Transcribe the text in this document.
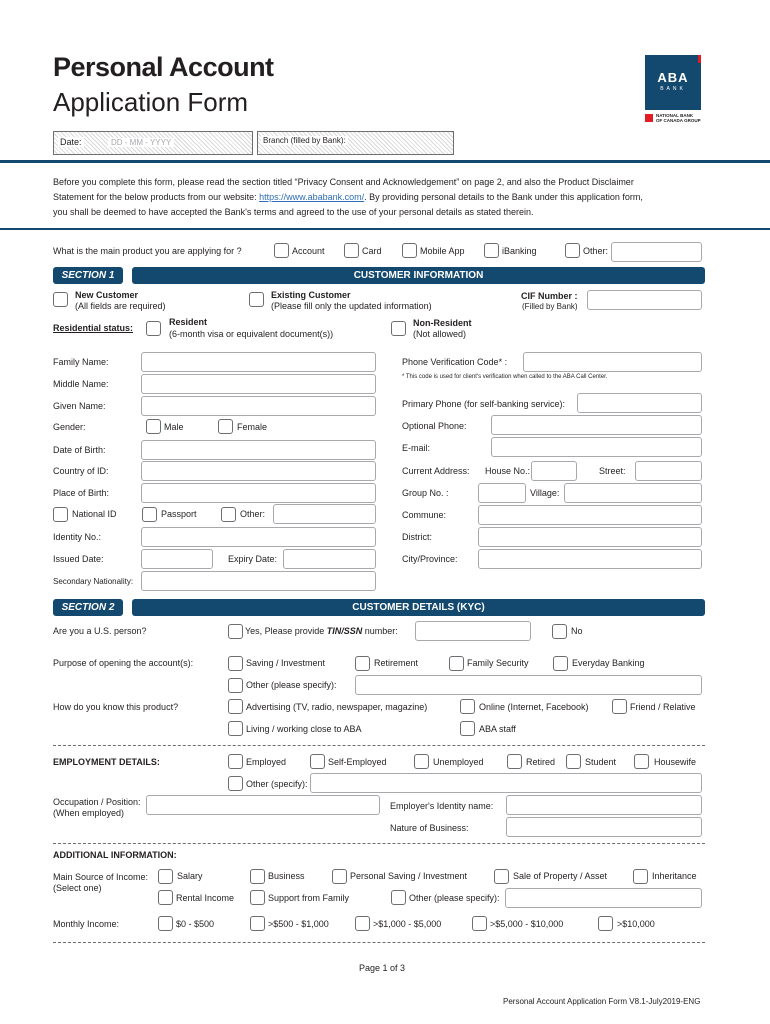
Personal Account
Application Form
ABA
BANK
NATIONAL BANK
OF CANADA GROUP
Date:	DD - MM - YYYY	Branch (filled by Bank):
Before you complete this form, please read the section titled “Privacy Consent and Acknowledgement” on page 2, and also the Product Disclaimer
Statement for the below products from our website: https://www.ababank.com/. By providing personal details to the Bank under this application form,
you shall be deemed to have accepted the Bank's terms and agreed to the use of your personal details as stated therein.
What is the main product you are applying for ?	Account	Card	Mobile App	iBanking	Other:
SECTION 1	CUSTOMER INFORMATION
New Customer
(All fields are required)
Existing Customer
(Please fill only the updated information)
CIF Number :
(Filled by Bank)
Residential status:
Resident
(6-month visa or equivalent document(s))
Non-Resident
(Not allowed)
Family Name:
Middle Name:
Given Name:
Gender:	Male	Female
Date of Birth:
Country of ID:
Place of Birth:
National ID	Passport	Other:
Identity No.:
Issued Date:	Expiry Date:
Secondary Nationality:
Phone Verification Code* :
* This code is used for client's verification when called to the ABA Call Center.
Primary Phone (for self-banking service):
Optional Phone:
E-mail:
Current Address: House No.:	Street:
Group No. :	Village:
Commune:
District:
City/Province:
SECTION 2	CUSTOMER DETAILS (KYC)
Are you a U.S. person?	Yes, Please provide TIN/SSN number:	No
Purpose of opening the account(s):	Saving / Investment	Retirement	Family Security	Everyday Banking
Other (please specify):
How do you know this product?	Advertising (TV, radio, newspaper, magazine)	Online (Internet, Facebook)	Friend / Relative
Living / working close to ABA	ABA staff
EMPLOYMENT DETAILS:	Employed	Self-Employed	Unemployed	Retired	Student	Housewife
Other (specify):
Occupation / Position:
(When employed)
Employer's Identity name:
Nature of Business:
ADDITIONAL INFORMATION:
Main Source of Income:
(Select one)
Salary	Business	Personal Saving / Investment	Sale of Property / Asset	Inheritance
Rental Income	Support from Family	Other (please specify):
Monthly Income:	$0 - $500	>$500 - $1,000	>$1,000 - $5,000	>$5,000 - $10,000	>$10,000
Page 1 of 3
Personal Account Application Form V8.1-July2019-ENG
